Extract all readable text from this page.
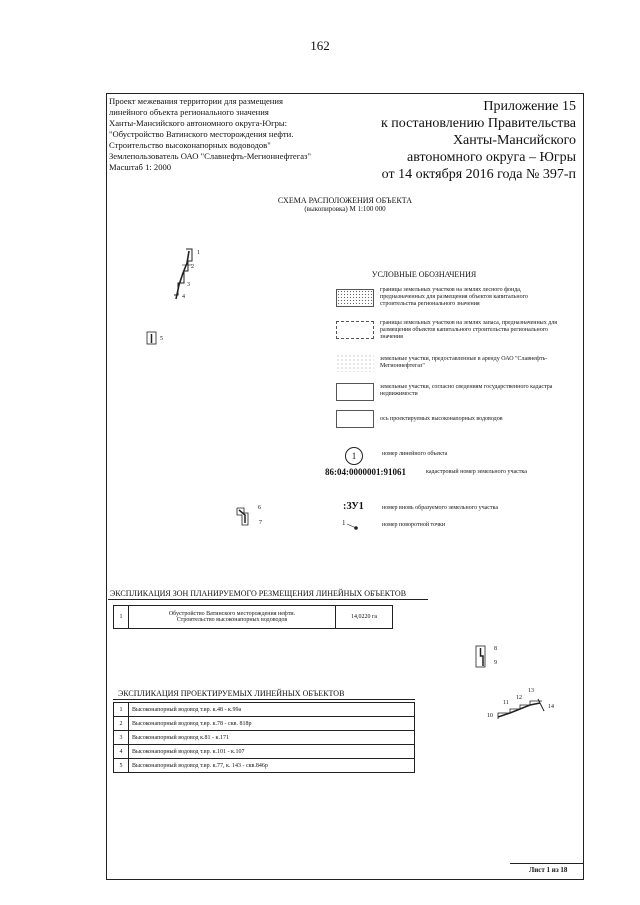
162
Проект межевания территории для размещения
линейного объекта регионального значения
Ханты-Мансийского автономного округа-Югры:
"Обустройство Ватинского месторождения нефти.
Строительство высоконапорных водоводов"
Землепользователь ОАО "Славнефть-Мегионнефтегаз"
Масштаб 1: 2000
Приложение 15
к постановлению Правительства
Ханты-Мансийского
автономного округа – Югры
от 14 октября 2016 года № 397-п
СХЕМА РАСПОЛОЖЕНИЯ ОБЪЕКТА
(выкопировка) М 1:100 000
1
2
3
4
5
6
7
8
9
10
11
12
13
14
УСЛОВНЫЕ ОБОЗНАЧЕНИЯ
границы земельных участков на землях лесного фонда, предназначенных для размещения объектов капитального строительства регионального значения
границы земельных участков на землях запаса, предназначенных для размещения объектов капитального строительства регионального значения
земельные участки, предоставленные в аренду ОАО "Славнефть-Мегионнефтегаз"
земельные участки, согласно сведениям государственного кадастра недвижимости
ось проектируемых высоконапорных водоводов
1	номер линейного объекта
86:04:0000001:91061	кадастровый номер земельного участка
:ЗУ1	номер вновь образуемого земельного участка
1	номер поворотной точки
ЭКСПЛИКАЦИЯ ЗОН ПЛАНИРУЕМОГО РЕЗМЕЩЕНИЯ ЛИНЕЙНЫХ ОБЪЕКТОВ
1	Обустройство Ватинского месторождения нефти.
Строительство высоконапорных водоводов	14,0220 га
ЭКСПЛИКАЦИЯ ПРОЕКТИРУЕМЫХ ЛИНЕЙНЫХ ОБЪЕКТОВ
1	Высоконапорный водовод т.вр. к.48 - к.99а
2	Высоконапорный водовод т.вр. к.78 - скв. 818р
3	Высоконапорный водовод к.81 - к.171
4	Высоконапорный водовод т.вр. к.101 - к.107
5	Высоконапорный водовод т.вр. к.77, к. 143 - скв.846р
Лист 1 из 18
